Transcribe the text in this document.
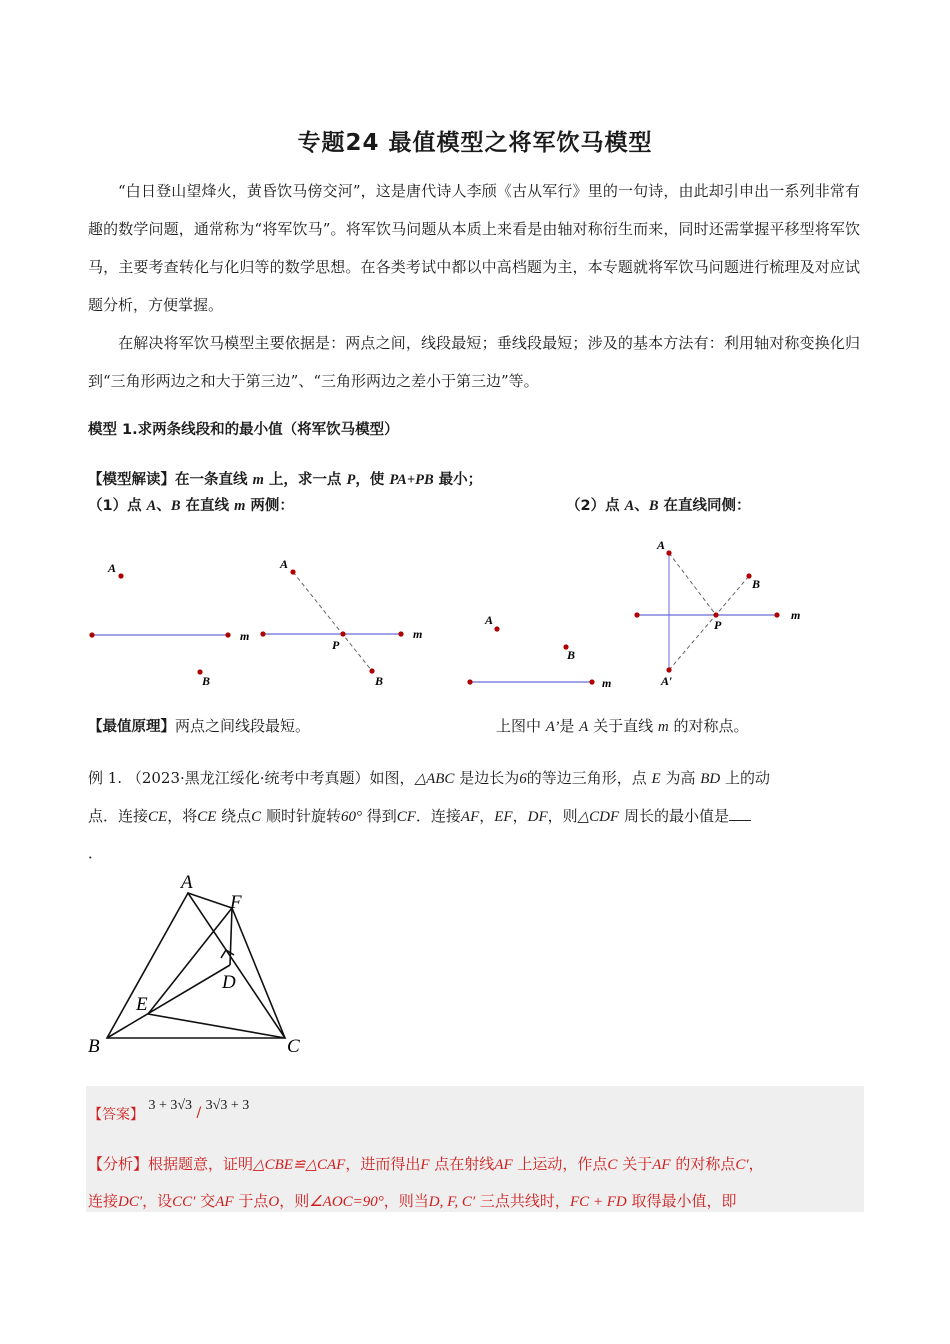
专题24 最值模型之将军饮马模型
“白日登山望烽火，黄昏饮马傍交河”，这是唐代诗人李颀《古从军行》里的一句诗，由此却引申出一系列非常有趣的数学问题，通常称为“将军饮马”。将军饮马问题从本质上来看是由轴对称衍生而来，同时还需掌握平移型将军饮马，主要考查转化与化归等的数学思想。在各类考试中都以中高档题为主，本专题就将军饮马问题进行梳理及对应试题分析，方便掌握。
在解决将军饮马模型主要依据是：两点之间，线段最短；垂线段最短；涉及的基本方法有：利用轴对称变换化归到“三角形两边之和大于第三边”、“三角形两边之差小于第三边”等。
模型 1.求两条线段和的最小值（将军饮马模型）
【模型解读】在一条直线 m 上，求一点 P，使 PA+PB 最小；
（1）点 A、B 在直线 m 两侧：	（2）点 A、B 在直线同侧：
A
B
m
A
P
B
m
A
B
m
A
B
P
m
A′
【最值原理】两点之间线段最短。	上图中 A’是 A 关于直线 m 的对称点。
例 1. （2023·黑龙江绥化·统考中考真题）如图，△ABC 是边长为6的等边三角形，点 E 为高 BD 上的动
点．连接CE，将CE 绕点C 顺时针旋转60° 得到CF．连接AF，EF，DF，则△CDF 周长的最小值是
．
A
F
D
E
B	C
【答案】 3 + 3√3 / 3√3 + 3
【分析】根据题意，证明△CBE≌△CAF，进而得出F 点在射线AF 上运动，作点C 关于AF 的对称点C′，
连接DC′，设CC′ 交AF 于点O，则∠AOC=90°，则当D, F, C′ 三点共线时，FC + FD 取得最小值，即
